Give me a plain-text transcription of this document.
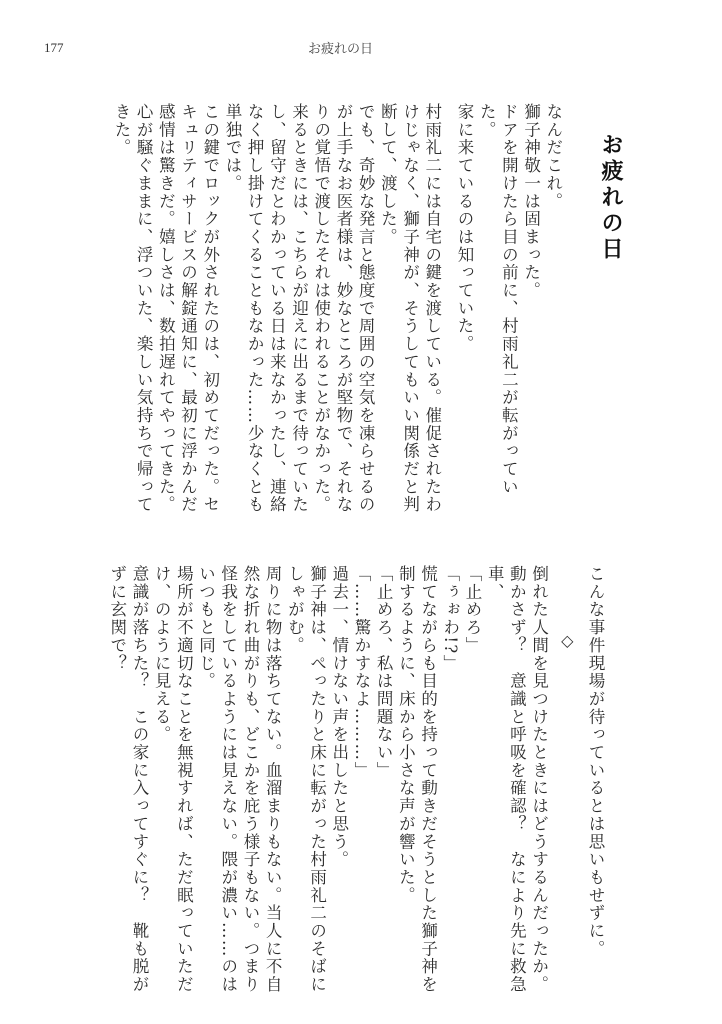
177	お疲れの日

お疲れの日

なんだこれ。

獅子神敬一は固まった。

ドアを開けたら目の前に、村雨礼二が転がっていた。

家に来ているのは知っていた。

村雨礼二には自宅の鍵を渡している。催促されたわけじゃなく、獅子神が、そうしてもいい関係だと判断して、渡した。

でも、奇妙な発言と態度で周囲の空気を凍らせるのが上手なお医者様は、妙なところが堅物で、それなりの覚悟で渡したそれは使われることがなかった。来るときには、こちらが迎えに出るまで待っていたし、留守だとわかっている日は来なかったし、連絡なく押し掛けてくることもなかった……少なくとも単独では。

この鍵でロックが外されたのは、初めてだった。セキュリティサービスの解錠通知に、最初に浮かんだ感情は驚きだ。嬉しさは、数拍遅れてやってきた。心が騒ぐままに、浮ついた、楽しい気持ちで帰ってきた。

こんな事件現場が待っているとは思いもせずに。

◇

倒れた人間を見つけたときにはどうするんだったか。動かさず？　意識と呼吸を確認？　なにより先に救急車、

「止めろ」

「ぅぉわ!?」

慌てながらも目的を持って動きだそうとした獅子神を制するように、床から小さな声が響いた。

「止めろ、私は問題ない」

「……驚かすなよ………」

過去一、情けない声を出したと思う。

獅子神は、ぺったりと床に転がった村雨礼二のそばにしゃがむ。

周りに物は落ちてない。血溜まりもない。当人に不自然な折れ曲がりも、どこかを庇う様子もない。つまり怪我をしているようには見えない。隈が濃い……のはいつもと同じ。

場所が不適切なことを無視すれば、ただ眠っていただけ、のように見える。

意識が落ちた？　この家に入ってすぐに？　靴も脱がずに玄関で？
